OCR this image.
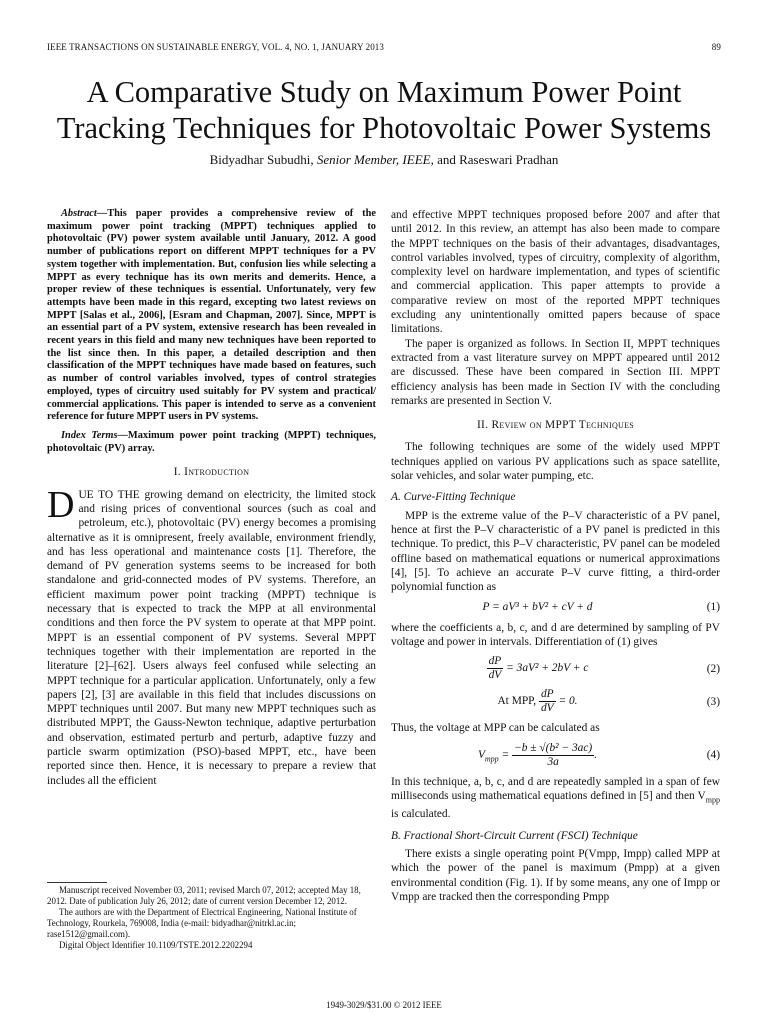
IEEE TRANSACTIONS ON SUSTAINABLE ENERGY, VOL. 4, NO. 1, JANUARY 2013	89
A Comparative Study on Maximum Power Point
Tracking Techniques for Photovoltaic Power Systems
Bidyadhar Subudhi, Senior Member, IEEE, and Raseswari Pradhan

Abstract—This paper provides a comprehensive review of the maximum power point tracking (MPPT) techniques applied to photovoltaic (PV) power system available until January, 2012. A good number of publications report on different MPPT techniques for a PV system together with implementation. But, confusion lies while selecting a MPPT as every technique has its own merits and demerits. Hence, a proper review of these techniques is essential. Unfortunately, very few attempts have been made in this regard, excepting two latest reviews on MPPT [Salas et al., 2006], [Esram and Chapman, 2007]. Since, MPPT is an essential part of a PV system, extensive research has been revealed in recent years in this field and many new techniques have been reported to the list since then. In this paper, a detailed description and then classification of the MPPT techniques have made based on features, such as number of control variables involved, types of control strategies employed, types of circuitry used suitably for PV system and practical/ commercial applications. This paper is intended to serve as a convenient reference for future MPPT users in PV systems.

Index Terms—Maximum power point tracking (MPPT) techniques, photovoltaic (PV) array.

I. Introduction

DUE TO THE growing demand on electricity, the limited stock and rising prices of conventional sources (such as coal and petroleum, etc.), photovoltaic (PV) energy becomes a promising alternative as it is omnipresent, freely available, environment friendly, and has less operational and maintenance costs [1]. Therefore, the demand of PV generation systems seems to be increased for both standalone and grid-connected modes of PV systems. Therefore, an efficient maximum power point tracking (MPPT) technique is necessary that is expected to track the MPP at all environmental conditions and then force the PV system to operate at that MPP point. MPPT is an essential component of PV systems. Several MPPT techniques together with their implementation are reported in the literature [2]–[62]. Users always feel confused while selecting an MPPT technique for a particular application. Unfortunately, only a few papers [2], [3] are available in this field that includes discussions on MPPT techniques until 2007. But many new MPPT techniques such as distributed MPPT, the Gauss-Newton technique, adaptive perturbation and observation, estimated perturb and perturb, adaptive fuzzy and particle swarm optimization (PSO)-based MPPT, etc., have been reported since then. Hence, it is necessary to prepare a review that includes all the efficient

Manuscript received November 03, 2011; revised March 07, 2012; accepted May 18, 2012. Date of publication July 26, 2012; date of current version December 12, 2012.

The authors are with the Department of Electrical Engineering, National Institute of Technology, Rourkela, 769008, India (e-mail: bidyadhar@nitrkl.ac.in; rase1512@gmail.com).

Digital Object Identifier 10.1109/TSTE.2012.2202294

and effective MPPT techniques proposed before 2007 and after that until 2012. In this review, an attempt has also been made to compare the MPPT techniques on the basis of their advantages, disadvantages, control variables involved, types of circuitry, complexity of algorithm, complexity level on hardware implementation, and types of scientific and commercial application. This paper attempts to provide a comparative review on most of the reported MPPT techniques excluding any unintentionally omitted papers because of space limitations.

The paper is organized as follows. In Section II, MPPT techniques extracted from a vast literature survey on MPPT appeared until 2012 are discussed. These have been compared in Section III. MPPT efficiency analysis has been made in Section IV with the concluding remarks are presented in Section V.

II. Review on MPPT Techniques

The following techniques are some of the widely used MPPT techniques applied on various PV applications such as space satellite, solar vehicles, and solar water pumping, etc.

A. Curve-Fitting Technique

MPP is the extreme value of the P–V characteristic of a PV panel, hence at first the P–V characteristic of a PV panel is predicted in this technique. To predict, this P–V characteristic, PV panel can be modeled offline based on mathematical equations or numerical approximations [4], [5]. To achieve an accurate P–V curve fitting, a third-order polynomial function as

P = aV³ + bV² + cV + d	(1)

where the coefficients a, b, c, and d are determined by sampling of PV voltage and power in intervals. Differentiation of (1) gives

$\frac{dP}{dV} = 3aV^2 + 2bV + c$	(2)
At MPP, $\frac{dP}{dV} = 0$.	(3)

Thus, the voltage at MPP can be calculated as

$V_{mpp} = \frac{\text{−b ± √(b² − 3ac)}}{3a}$ .	(4)

In this technique, a, b, c, and d are repeatedly sampled in a span of few milliseconds using mathematical equations defined in [5] and then $V_{mpp}$ is calculated.

B. Fractional Short-Circuit Current (FSCI) Technique

There exists a single operating point P(Vmpp, Impp) called MPP at which the power of the panel is maximum (Pmpp) at a given environmental condition (Fig. 1). If by some means, any one of Impp or Vmpp are tracked then the corresponding Pmpp

1949-3029/$31.00 © 2012 IEEE
